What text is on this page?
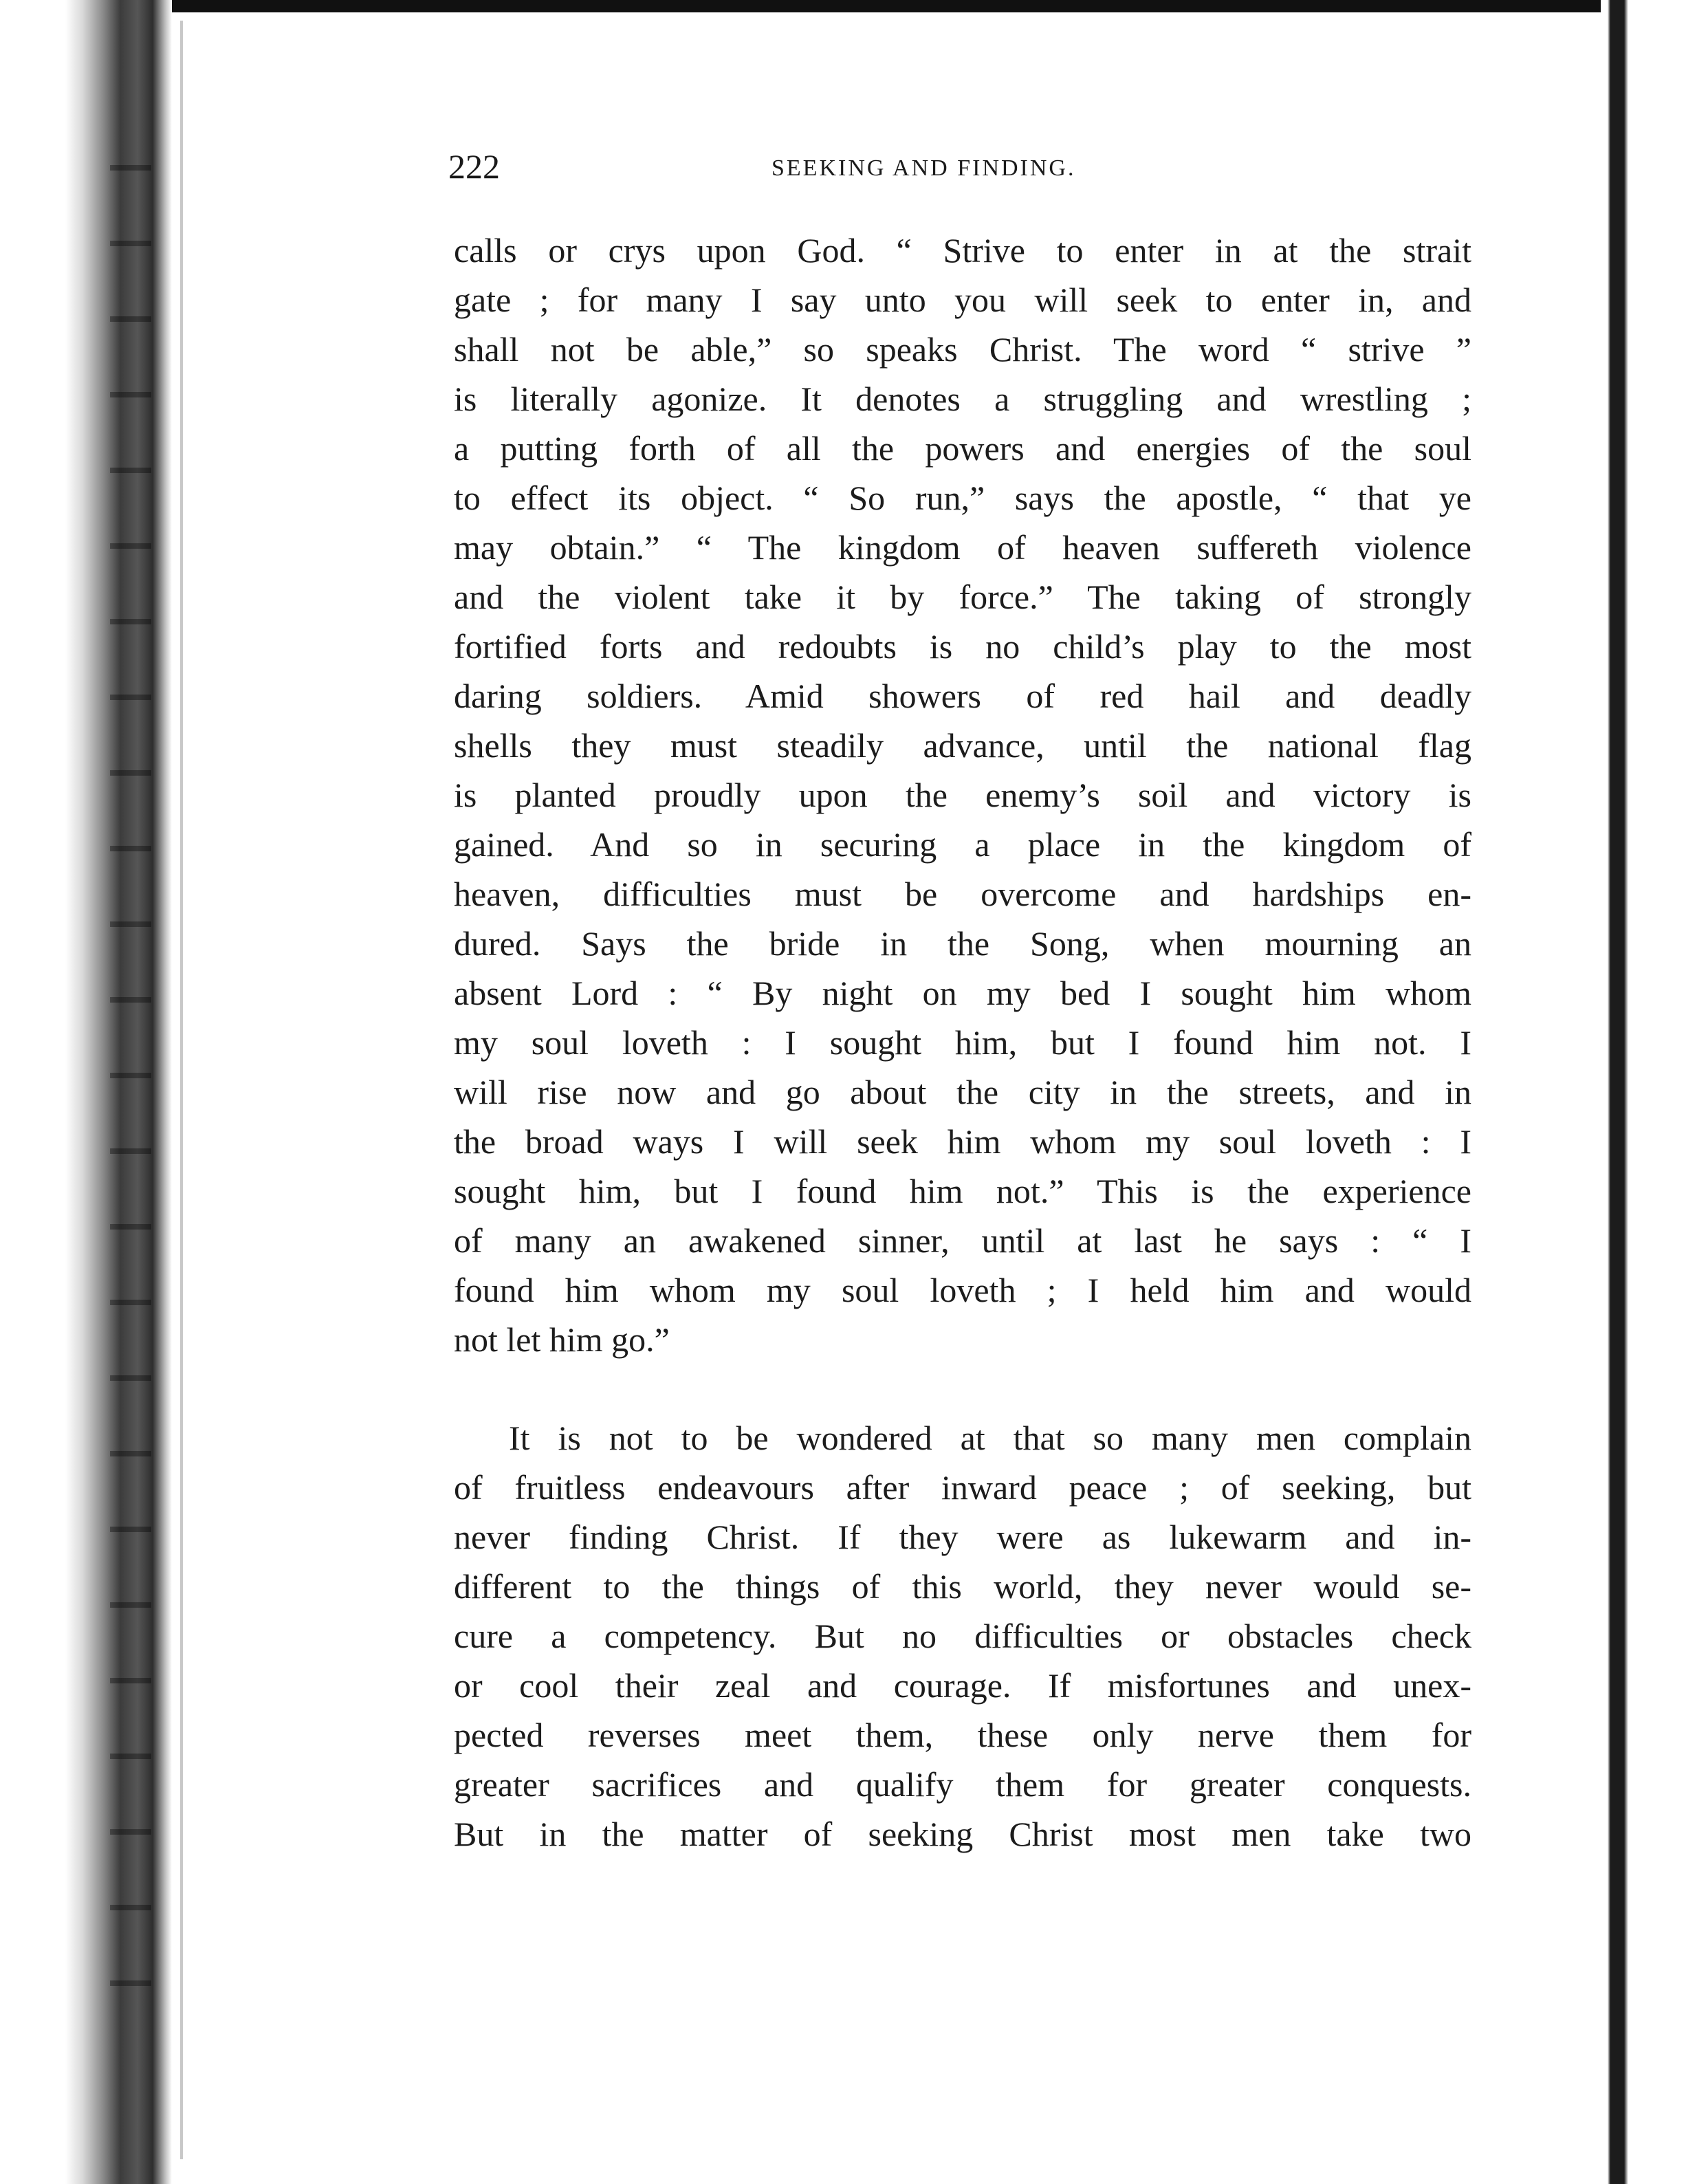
222	SEEKING AND FINDING.
calls or crys upon God. “ Strive to enter in at the strait
gate ; for many I say unto you will seek to enter in, and
shall not be able,” so speaks Christ. The word “ strive ”
is literally agonize. It denotes a struggling and wrestling ;
a putting forth of all the powers and energies of the soul
to effect its object. “ So run,” says the apostle, “ that ye
may obtain.” “ The kingdom of heaven suffereth violence
and the violent take it by force.” The taking of strongly
fortified forts and redoubts is no child’s play to the most
daring soldiers. Amid showers of red hail and deadly
shells they must steadily advance, until the national flag
is planted proudly upon the enemy’s soil and victory is
gained. And so in securing a place in the kingdom of
heaven, difficulties must be overcome and hardships en-
dured. Says the bride in the Song, when mourning an
absent Lord : “ By night on my bed I sought him whom
my soul loveth : I sought him, but I found him not. I
will rise now and go about the city in the streets, and in
the broad ways I will seek him whom my soul loveth : I
sought him, but I found him not.” This is the experience
of many an awakened sinner, until at last he says : “ I
found him whom my soul loveth ; I held him and would
not let him go.”
It is not to be wondered at that so many men complain
of fruitless endeavours after inward peace ; of seeking, but
never finding Christ. If they were as lukewarm and in-
different to the things of this world, they never would se-
cure a competency. But no difficulties or obstacles check
or cool their zeal and courage. If misfortunes and unex-
pected reverses meet them, these only nerve them for
greater sacrifices and qualify them for greater conquests.
But in the matter of seeking Christ most men take two
